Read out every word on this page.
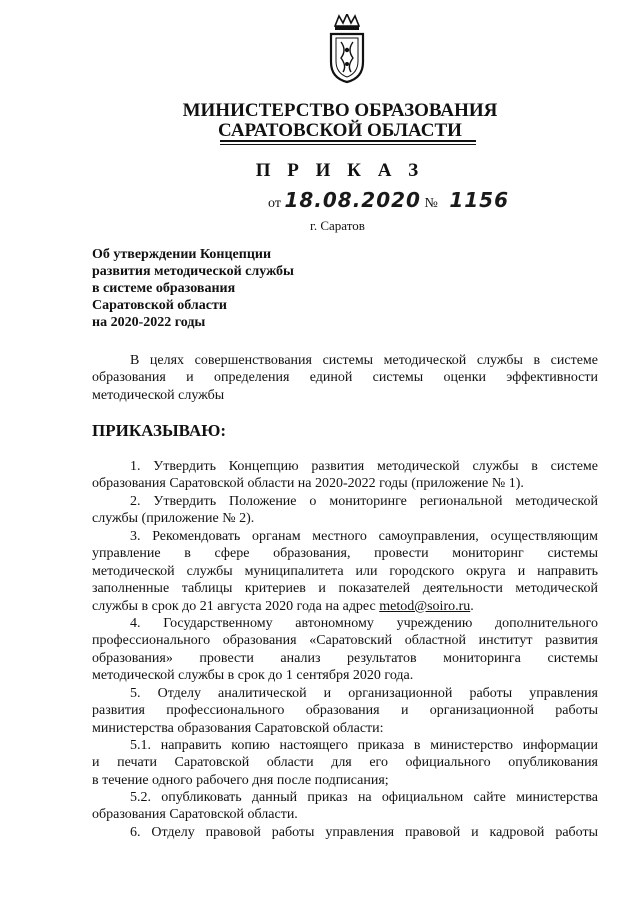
МИНИСТЕРСТВО ОБРАЗОВАНИЯ
САРАТОВСКОЙ ОБЛАСТИ
П Р И К А З
от 18.08.2020 № 1156
г. Саратов
Об утверждении Концепции
развития методической службы
в системе образования
Саратовской области
на 2020-2022 годы
В целях совершенствования системы методической службы в системе
образования и определения единой системы оценки эффективности
методической службы
ПРИКАЗЫВАЮ:
1. Утвердить Концепцию развития методической службы в системе
образования Саратовской области на 2020-2022 годы (приложение № 1).
2. Утвердить Положение о мониторинге региональной методической
службы (приложение № 2).
3. Рекомендовать органам местного самоуправления, осуществляющим
управление в сфере образования, провести мониторинг системы
методической службы муниципалитета или городского округа и направить
заполненные таблицы критериев и показателей деятельности методической
службы в срок до 21 августа 2020 года на адрес metod@soiro.ru.
4. Государственному автономному учреждению дополнительного
профессионального образования «Саратовский областной институт развития
образования» провести анализ результатов мониторинга системы
методической службы в срок до 1 сентября 2020 года.
5. Отделу аналитической и организационной работы управления
развития профессионального образования и организационной работы
министерства образования Саратовской области:
5.1. направить копию настоящего приказа в министерство информации
и печати Саратовской области для его официального опубликования
в течение одного рабочего дня после подписания;
5.2. опубликовать данный приказ на официальном сайте министерства
образования Саратовской области.
6. Отделу правовой работы управления правовой и кадровой работы
